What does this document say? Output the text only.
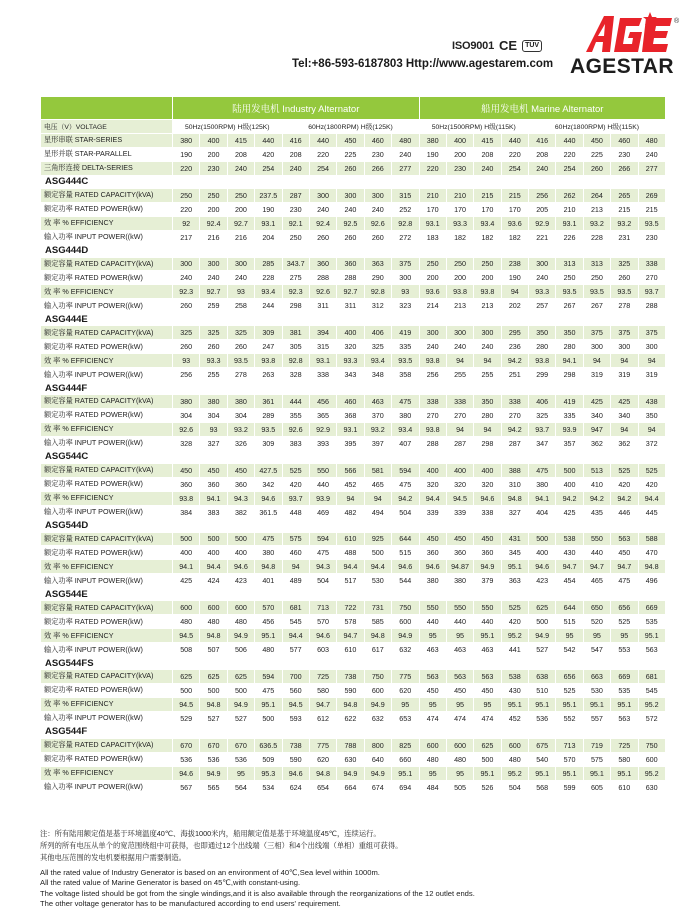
ISO9001 CE	TÜV
Tel:+86-593-6187803 Http://www.agestarem.com AGESTAR
®
	陆用发电机 Industry Alternator									船用发电机 Marine Alternator								
电压（V）VOLTAGE	50Hz(1500RPM) H级(125K)				60Hz(1800RPM) H级(125K)					50Hz(1500RPM) H级(115K)				60Hz(1800RPM) H级(115K)				
星形串联 STAR-SERIES	380	400	415	440	416	440	450	460	480	380	400	415	440	416	440	450	460	480
星形并联 STAR-PARALLEL	190	200	208	420	208	220	225	230	240	190	200	208	220	208	220	225	230	240
三角形连接 DELTA-SERIES	220	230	240	254	240	254	260	266	277	220	230	240	254	240	254	260	266	277
ASG444C																		
额定容量 RATED CAPACITY(kVA)	250	250	250	237.5	287	300	300	300	315	210	210	215	215	256	262	264	265	269
额定功率 RATED POWER(kW)	220	200	200	190	230	240	240	240	252	170	170	170	170	205	210	213	215	215
效 率 % EFFICIENCY	92	92.4	92.7	93.1	92.1	92.4	92.5	92.6	92.8	93.1	93.3	93.4	93.6	92.9	93.1	93.2	93.2	93.5
输入功率 INPUT POWER((kW)	217	216	216	204	250	260	260	260	272	183	182	182	182	221	226	228	231	230
ASG444D																		
额定容量 RATED CAPACITY(kVA)	300	300	300	285	343.7	360	360	363	375	250	250	250	238	300	313	313	325	338
额定功率 RATED POWER(kW)	240	240	240	228	275	288	288	290	300	200	200	200	190	240	250	250	260	270
效 率 % EFFICIENCY	92.3	92.7	93	93.4	92.3	92.6	92.7	92.8	93	93.6	93.8	93.8	94	93.3	93.5	93.5	93.5	93.7
输入功率 INPUT POWER((kW)	260	259	258	244	298	311	311	312	323	214	213	213	202	257	267	267	278	288
ASG444E																		
额定容量 RATED CAPACITY(kVA)	325	325	325	309	381	394	400	406	419	300	300	300	295	350	350	375	375	375
额定功率 RATED POWER(kW)	260	260	260	247	305	315	320	325	335	240	240	240	236	280	280	300	300	300
效 率 % EFFICIENCY	93	93.3	93.5	93.8	92.8	93.1	93.3	93.4	93.5	93.8	94	94	94.2	93.8	94.1	94	94	94
输入功率 INPUT POWER((kW)	256	255	278	263	328	338	343	348	358	256	255	255	251	299	298	319	319	319
ASG444F																		
额定容量 RATED CAPACITY(kVA)	380	380	380	361	444	456	460	463	475	338	338	350	338	406	419	425	425	438
额定功率 RATED POWER(kW)	304	304	304	289	355	365	368	370	380	270	270	280	270	325	335	340	340	350
效 率 % EFFICIENCY	92.6	93	93.2	93.5	92.6	92.9	93.1	93.2	93.4	93.8	94	94	94.2	93.7	93.9	947	94	94
输入功率 INPUT POWER((kW)	328	327	326	309	383	393	395	397	407	288	287	298	287	347	357	362	362	372
ASG544C																		
额定容量 RATED CAPACITY(kVA)	450	450	450	427.5	525	550	566	581	594	400	400	400	388	475	500	513	525	525
额定功率 RATED POWER(kW)	360	360	360	342	420	440	452	465	475	320	320	320	310	380	400	410	420	420
效 率 % EFFICIENCY	93.8	94.1	94.3	94.6	93.7	93.9	94	94	94.2	94.4	94.5	94.6	94.8	94.1	94.2	94.2	94.2	94.4
输入功率 INPUT POWER((kW)	384	383	382	361.5	448	469	482	494	504	339	339	338	327	404	425	435	446	445
ASG544D																		
额定容量 RATED CAPACITY(kVA)	500	500	500	475	575	594	610	925	644	450	450	450	431	500	538	550	563	588
额定功率 RATED POWER(kW)	400	400	400	380	460	475	488	500	515	360	360	360	345	400	430	440	450	470
效 率 % EFFICIENCY	94.1	94.4	94.6	94.8	94	94.3	94.4	94.4	94.6	94.6	94.87	94.9	95.1	94.6	94.7	94.7	94.7	94.8
输入功率 INPUT POWER((kW)	425	424	423	401	489	504	517	530	544	380	380	379	363	423	454	465	475	496
ASG544E																		
额定容量 RATED CAPACITY(kVA)	600	600	600	570	681	713	722	731	750	550	550	550	525	625	644	650	656	669
额定功率 RATED POWER(kW)	480	480	480	456	545	570	578	585	600	440	440	440	420	500	515	520	525	535
效 率 % EFFICIENCY	94.5	94.8	94.9	95.1	94.4	94.6	94.7	94.8	94.9	95	95	95.1	95.2	94.9	95	95	95	95.1
输入功率 INPUT POWER((kW)	508	507	506	480	577	603	610	617	632	463	463	463	441	527	542	547	553	563
ASG544FS																		
额定容量 RATED CAPACITY(kVA)	625	625	625	594	700	725	738	750	775	563	563	563	538	638	656	663	669	681
额定功率 RATED POWER(kW)	500	500	500	475	560	580	590	600	620	450	450	450	430	510	525	530	535	545
效 率 % EFFICIENCY	94.5	94.8	94.9	95.1	94.5	94.7	94.8	94.9	95	95	95	95	95.1	95.1	95.1	95.1	95.1	95.2
输入功率 INPUT POWER((kW)	529	527	527	500	593	612	622	632	653	474	474	474	452	536	552	557	563	572
ASG544F																		
额定容量 RATED CAPACITY(kVA)	670	670	670	636.5	738	775	788	800	825	600	600	625	600	675	713	719	725	750
额定功率 RATED POWER(kW)	536	536	536	509	590	620	630	640	660	480	480	500	480	540	570	575	580	600
效 率 % EFFICIENCY	94.6	94.9	95	95.3	94.6	94.8	94.9	94.9	95.1	95	95	95.1	95.2	95.1	95.1	95.1	95.1	95.2
输入功率 INPUT POWER((kW)	567	565	564	534	624	654	664	674	694	484	505	526	504	568	599	605	610	630
注：所有陆用额定值是基于环境温度40℃、海拔1000米内，船用额定值是基于环境温度45℃，连续运行。
所列的所有电压从单个的宽范围绕组中可获得，也即通过12个出线端（三相）和4个出线端（单相）重组可获得。
其他电压范围的发电机要根据用户需要制造。
All the rated value of Industry Generator is based on an environment of 40℃,Sea level within 1000m.
All the rated value of Marine Generator is based on 45℃,with constant-using.
The voltage listed should be got from the single windings,and it is also available through the reorganizations of the 12 outlet ends.
The other voltage generator has to be manufactured according to end users' requirement.
